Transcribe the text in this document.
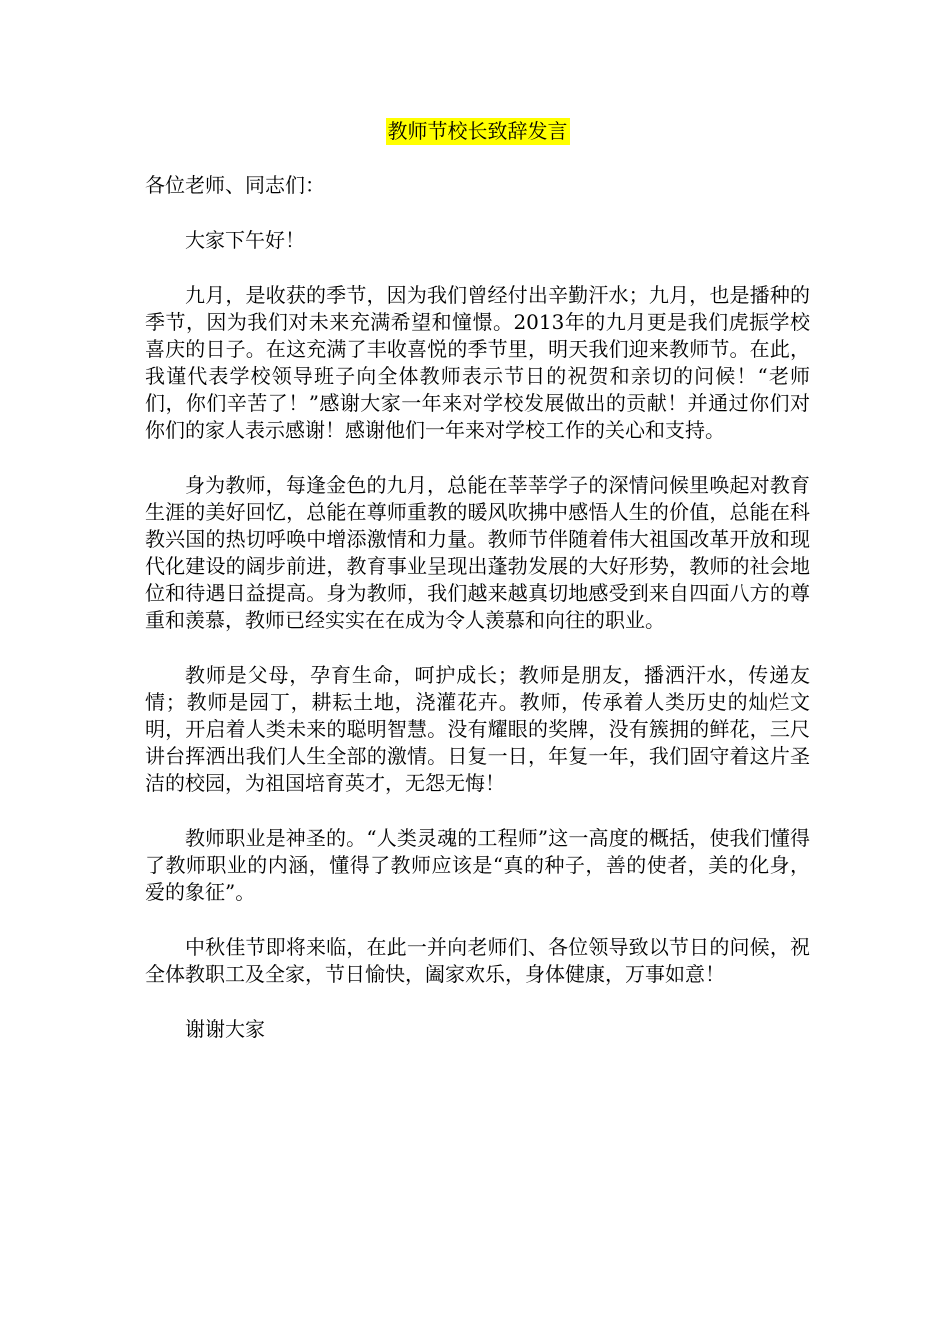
教师节校长致辞发言
各位老师、同志们：

大家下午好！

九月，是收获的季节，因为我们曾经付出辛勤汗水；九月，也是播种的季节，因为我们对未来充满希望和憧憬。2013年的九月更是我们虎振学校喜庆的日子。在这充满了丰收喜悦的季节里，明天我们迎来教师节。在此，我谨代表学校领导班子向全体教师表示节日的祝贺和亲切的问候！“老师们，你们辛苦了！”感谢大家一年来对学校发展做出的贡献！并通过你们对你们的家人表示感谢！感谢他们一年来对学校工作的关心和支持。

身为教师，每逢金色的九月，总能在莘莘学子的深情问候里唤起对教育生涯的美好回忆，总能在尊师重教的暖风吹拂中感悟人生的价值，总能在科教兴国的热切呼唤中增添激情和力量。教师节伴随着伟大祖国改革开放和现代化建设的阔步前进，教育事业呈现出蓬勃发展的大好形势，教师的社会地位和待遇日益提高。身为教师，我们越来越真切地感受到来自四面八方的尊重和羡慕，教师已经实实在在成为令人羡慕和向往的职业。

教师是父母，孕育生命，呵护成长；教师是朋友，播洒汗水，传递友情；教师是园丁，耕耘土地，浇灌花卉。教师，传承着人类历史的灿烂文明，开启着人类未来的聪明智慧。没有耀眼的奖牌，没有簇拥的鲜花，三尺讲台挥洒出我们人生全部的激情。日复一日，年复一年，我们固守着这片圣洁的校园，为祖国培育英才，无怨无悔！

教师职业是神圣的。“人类灵魂的工程师”这一高度的概括，使我们懂得了教师职业的内涵，懂得了教师应该是“真的种子，善的使者，美的化身，爱的象征”。

中秋佳节即将来临，在此一并向老师们、各位领导致以节日的问候，祝全体教职工及全家，节日愉快，阖家欢乐，身体健康，万事如意！

谢谢大家
